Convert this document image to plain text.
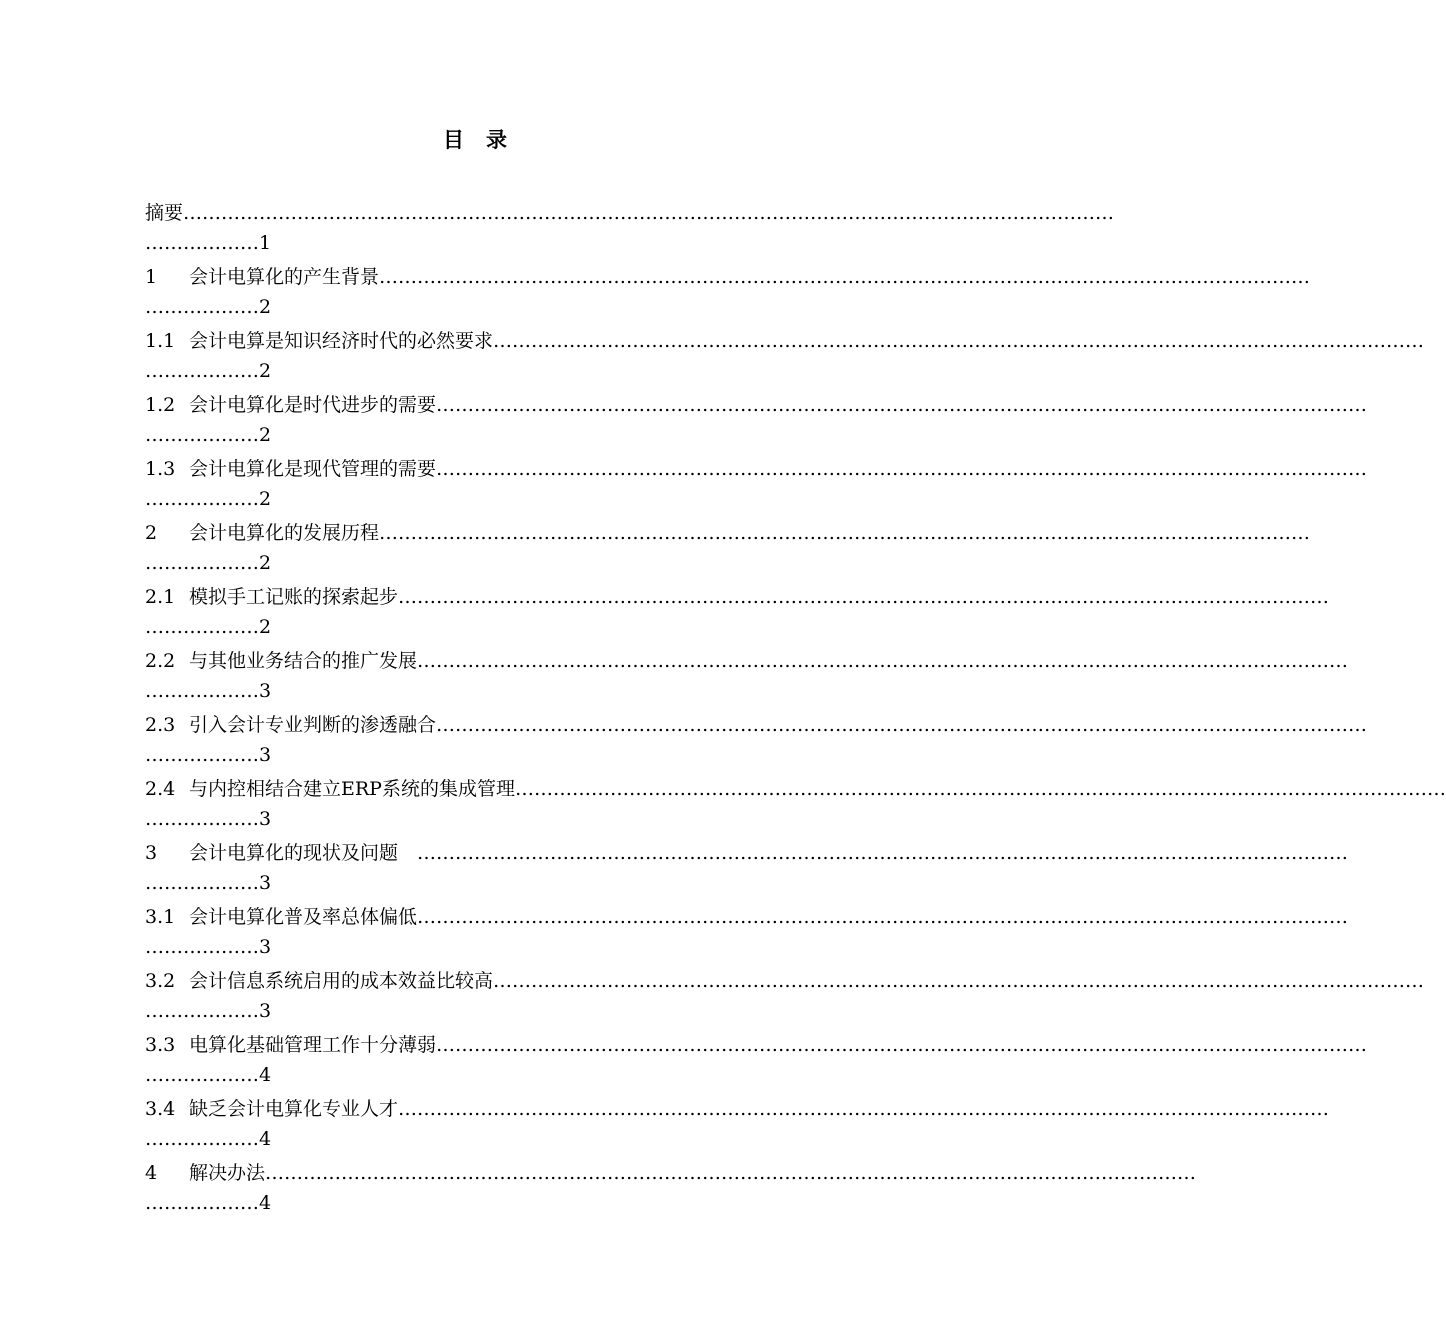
目 录
摘要…………………………………………………………………………………………………………………………………
………………1
1 会计电算化的产生背景…………………………………………………………………………………………………………………………………
………………2
1.1 会计电算是知识经济时代的必然要求…………………………………………………………………………………………………………………………………
………………2
1.2 会计电算化是时代进步的需要…………………………………………………………………………………………………………………………………
………………2
1.3 会计电算化是现代管理的需要…………………………………………………………………………………………………………………………………
………………2
2 会计电算化的发展历程…………………………………………………………………………………………………………………………………
………………2
2.1 模拟手工记账的探索起步…………………………………………………………………………………………………………………………………
………………2
2.2 与其他业务结合的推广发展…………………………………………………………………………………………………………………………………
………………3
2.3 引入会计专业判断的渗透融合…………………………………………………………………………………………………………………………………
………………3
2.4 与内控相结合建立ERP系统的集成管理…………………………………………………………………………………………………………………………………
………………3
3 会计电算化的现状及问题　…………………………………………………………………………………………………………………………………
………………3
3.1 会计电算化普及率总体偏低…………………………………………………………………………………………………………………………………
………………3
3.2 会计信息系统启用的成本效益比较高…………………………………………………………………………………………………………………………………
………………3
3.3 电算化基础管理工作十分薄弱…………………………………………………………………………………………………………………………………
………………4
3.4 缺乏会计电算化专业人才…………………………………………………………………………………………………………………………………
………………4
4 解决办法…………………………………………………………………………………………………………………………………
………………4
